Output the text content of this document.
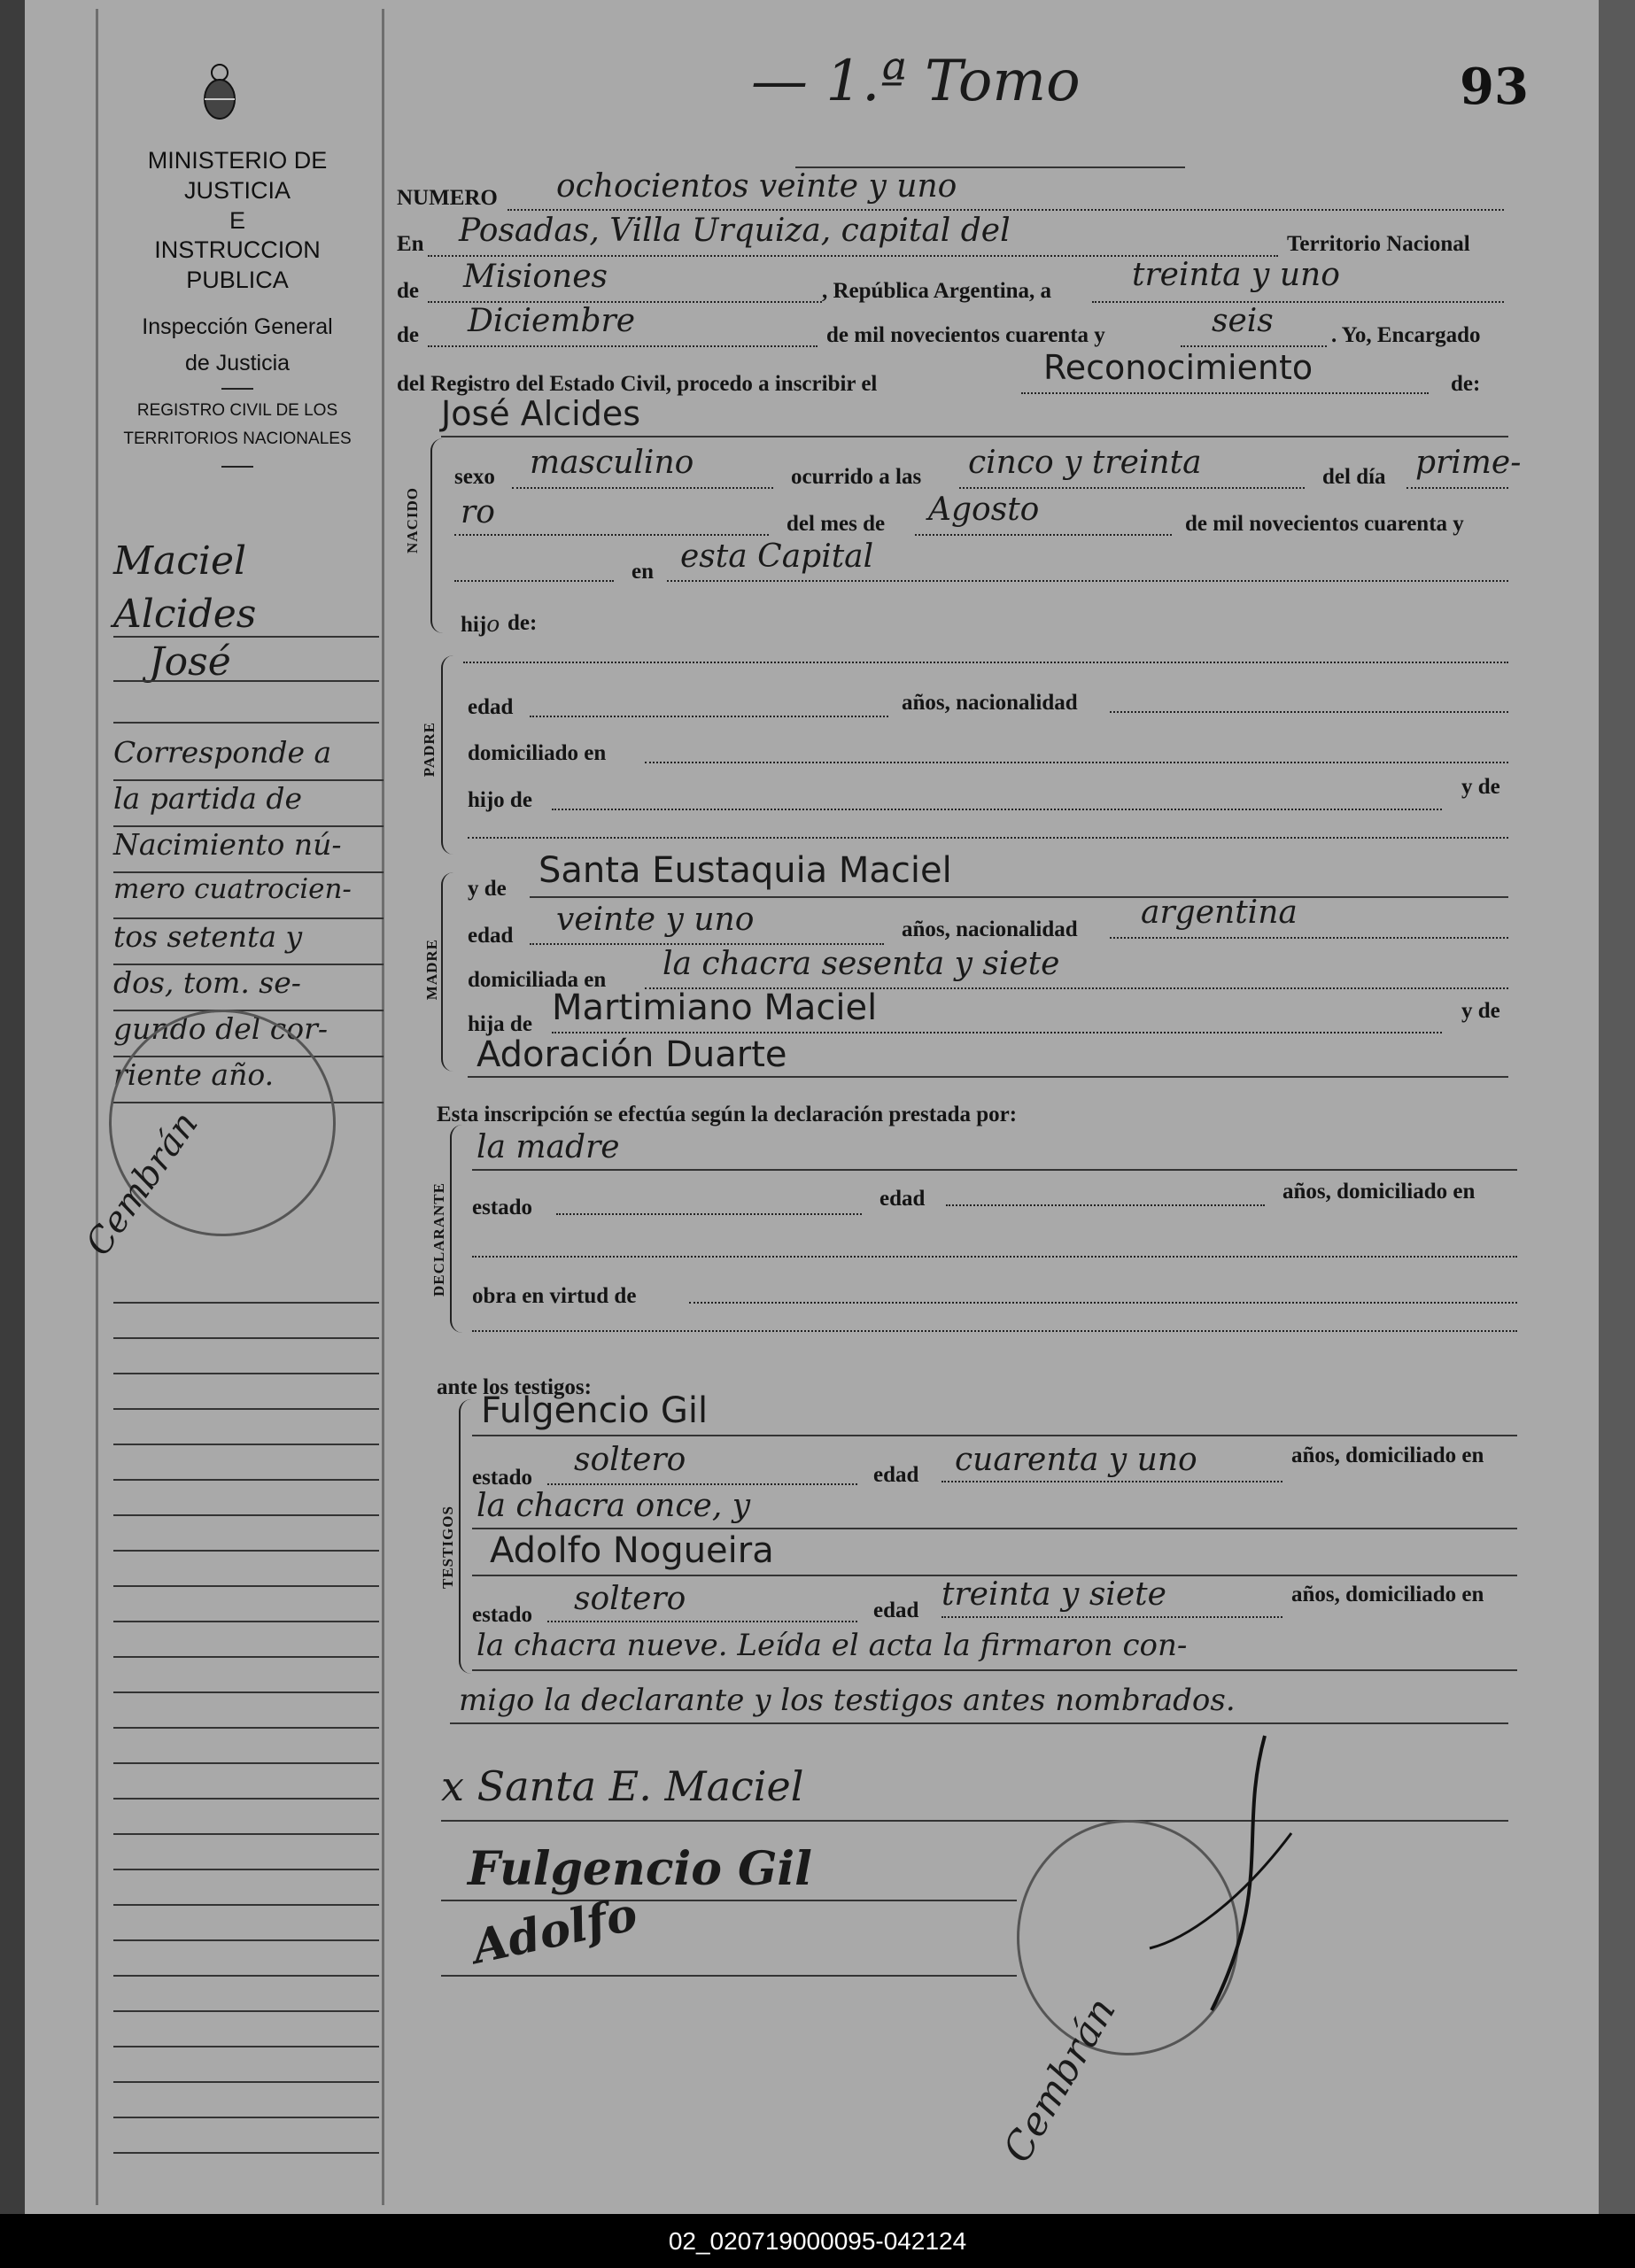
— 1.ª Tomo	93
MINISTERIO DE JUSTICIA
E
INSTRUCCION PUBLICA
Inspección General
de Justicia
REGISTRO CIVIL DE LOS
TERRITORIOS NACIONALES
Maciel
Alcides
José
Corresponde a
la partida de
Nacimiento nú-
mero cuatrocien-
tos setenta y
dos, tom. se-
gundo del cor-
riente año.
Cembrán
NUMERO ochocientos veinte y uno
En Posadas, Villa Urquiza, capital del	Territorio Nacional
de Misiones	, República Argentina, a	treinta y uno
de Diciembre	de mil novecientos cuarenta y	seis	. Yo, Encargado
del Registro del Estado Civil, procedo a inscribir el	Reconocimiento	de:
José Alcides
NACIDO
sexo masculino	ocurrido a las cinco y treinta	del día prime-
ro	del mes de Agosto	de mil novecientos cuarenta y
en esta Capital
hijo de:
PADRE
edad	años, nacionalidad
domiciliado en
hijo de
y de
MADRE
y de Santa Eustaquia Maciel
edad veinte y uno	años, nacionalidad argentina
domiciliada en la chacra sesenta y siete
hija de Martimiano Maciel	y de
Adoración Duarte
Esta inscripción se efectúa según la declaración prestada por:
DECLARANTE
la madre
estado	edad	años, domiciliado en
obra en virtud de
ante los testigos:
TESTIGOS
Fulgencio Gil
estado soltero	edad cuarenta y uno	años, domiciliado en
la chacra once, y
Adolfo Nogueira
estado soltero	edad treinta y siete	años, domiciliado en
la chacra nueve. Leída el acta la firmaron con-
migo la declarante y los testigos antes nombrados.
x Santa E. Maciel
Fulgencio Gil
Adolfo
Cembrán
02_020719000095-042124
